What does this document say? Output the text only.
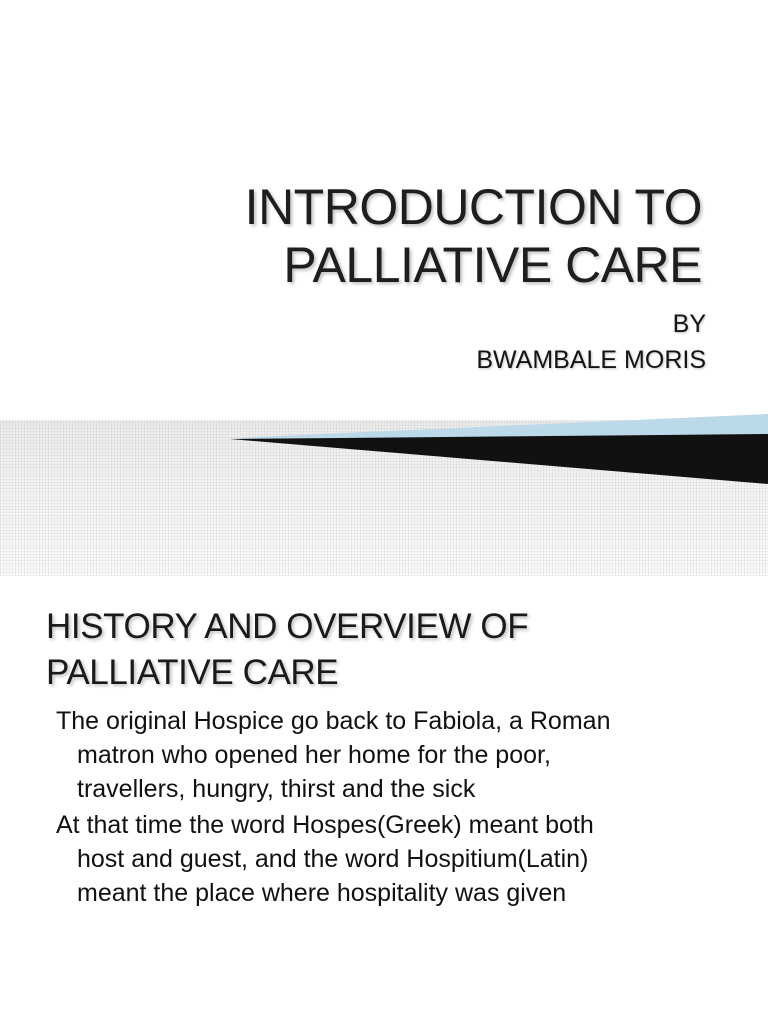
INTRODUCTION TO
PALLIATIVE CARE
BY
BWAMBALE MORIS
HISTORY AND OVERVIEW OF
PALLIATIVE CARE
The original Hospice go back to Fabiola, a Roman
matron who opened her home for the poor,
travellers, hungry, thirst and the sick
At that time the word Hospes(Greek) meant both
host and guest, and the word Hospitium(Latin)
meant the place where hospitality was given
